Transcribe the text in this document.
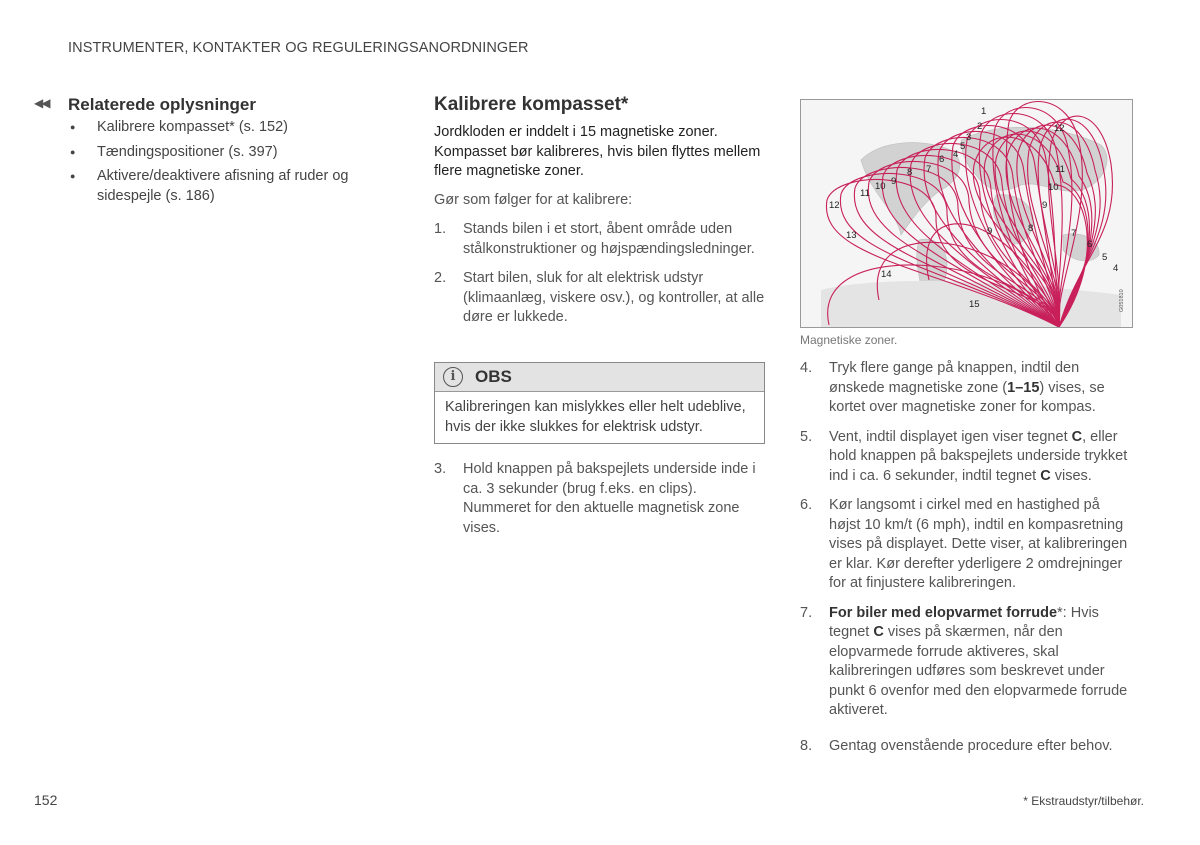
INSTRUMENTER, KONTAKTER OG REGULERINGSANORDNINGER
◀◀ Relaterede oplysninger
● Kalibrere kompasset* (s. 152)
● Tændingspositioner (s. 397)
● Aktivere/deaktivere afisning af ruder og sidespejle (s. 186)
Kalibrere kompasset*
Jordkloden er inddelt i 15 magnetiske zoner. Kompasset bør kalibreres, hvis bilen flyttes mellem flere magnetiske zoner.
Gør som følger for at kalibrere:
1. Stands bilen i et stort, åbent område uden stålkonstruktioner og højspændingsledninger.
2. Start bilen, sluk for alt elektrisk udstyr (klimaanlæg, viskere osv.), og kontroller, at alle døre er lukkede.
i	OBS
Kalibreringen kan mislykkes eller helt udeblive, hvis der ikke slukkes for elektrisk udstyr.
3. Hold knappen på bakspejlets underside inde i ca. 3 sekunder (brug f.eks. en clips). Nummeret for den aktuelle magnetisk zone vises.
1
2
3
4
5
6
7
8
9
10
11
12
12
11
10
9
9	8	7
6
5
4
13
14
15	G051810
Magnetiske zoner.
4. Tryk flere gange på knappen, indtil den ønskede magnetiske zone (1–15) vises, se kortet over magnetiske zoner for kompas.
5. Vent, indtil displayet igen viser tegnet C, eller hold knappen på bakspejlets underside trykket ind i ca. 6 sekunder, indtil tegnet C vises.
6. Kør langsomt i cirkel med en hastighed på højst 10 km/t (6 mph), indtil en kompasretning vises på displayet. Dette viser, at kalibreringen er klar. Kør derefter yderligere 2 omdrejninger for at finjustere kalibreringen.
7. For biler med elopvarmet forrude*: Hvis tegnet C vises på skærmen, når den elopvarmede forrude aktiveres, skal kalibreringen udføres som beskrevet under punkt 6 ovenfor med den elopvarmede forrude aktiveret.
8. Gentag ovenstående procedure efter behov.
152	* Ekstraudstyr/tilbehør.
